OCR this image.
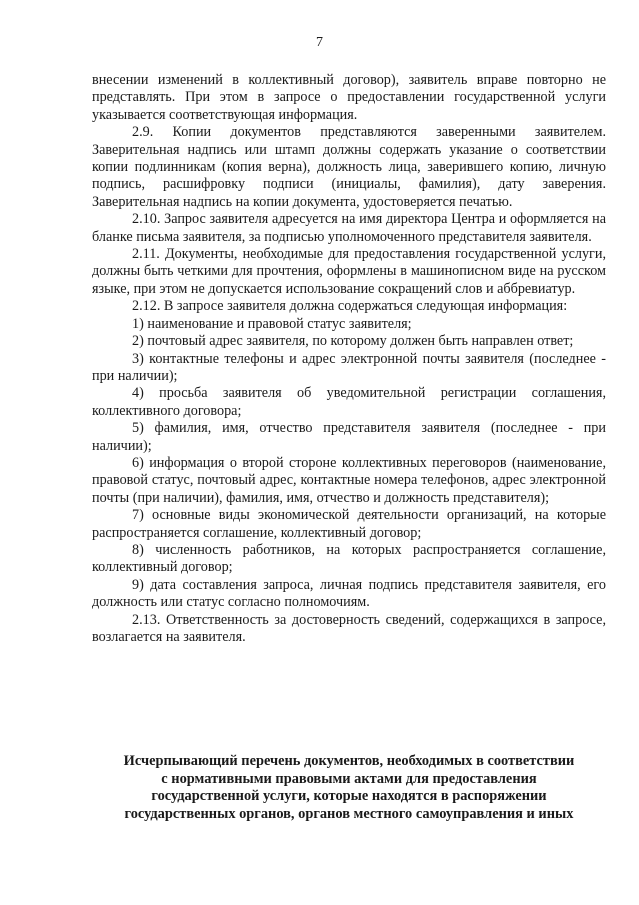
7

внесении изменений в коллективный договор), заявитель вправе повторно не представлять. При этом в запросе о предоставлении государственной услуги указывается соответствующая информация.

2.9. Копии документов представляются заверенными заявителем. Заверительная надпись или штамп должны содержать указание о соответствии копии подлинникам (копия верна), должность лица, заверившего копию, личную подпись, расшифровку подписи (инициалы, фамилия), дату заверения. Заверительная надпись на копии документа, удостоверяется печатью.

2.10. Запрос заявителя адресуется на имя директора Центра и оформляется на бланке письма заявителя, за подписью уполномоченного представителя заявителя.

2.11. Документы, необходимые для предоставления государственной услуги, должны быть четкими для прочтения, оформлены в машинописном виде на русском языке, при этом не допускается использование сокращений слов и аббревиатур.

2.12. В запросе заявителя должна содержаться следующая информация:

1) наименование и правовой статус заявителя;

2) почтовый адрес заявителя, по которому должен быть направлен ответ;

3) контактные телефоны и адрес электронной почты заявителя (последнее - при наличии);

4) просьба заявителя об уведомительной регистрации соглашения, коллективного договора;

5) фамилия, имя, отчество представителя заявителя (последнее - при наличии);

6) информация о второй стороне коллективных переговоров (наименование, правовой статус, почтовый адрес, контактные номера телефонов, адрес электронной почты (при наличии), фамилия, имя, отчество и должность представителя);

7) основные виды экономической деятельности организаций, на которые распространяется соглашение, коллективный договор;

8) численность работников, на которых распространяется соглашение, коллективный договор;

9) дата составления запроса, личная подпись представителя заявителя, его должность или статус согласно полномочиям.

2.13. Ответственность за достоверность сведений, содержащихся в запросе, возлагается на заявителя.

Исчерпывающий перечень документов, необходимых в соответствии

с нормативными правовыми актами для предоставления

государственной услуги, которые находятся в распоряжении

государственных органов, органов местного самоуправления и иных
